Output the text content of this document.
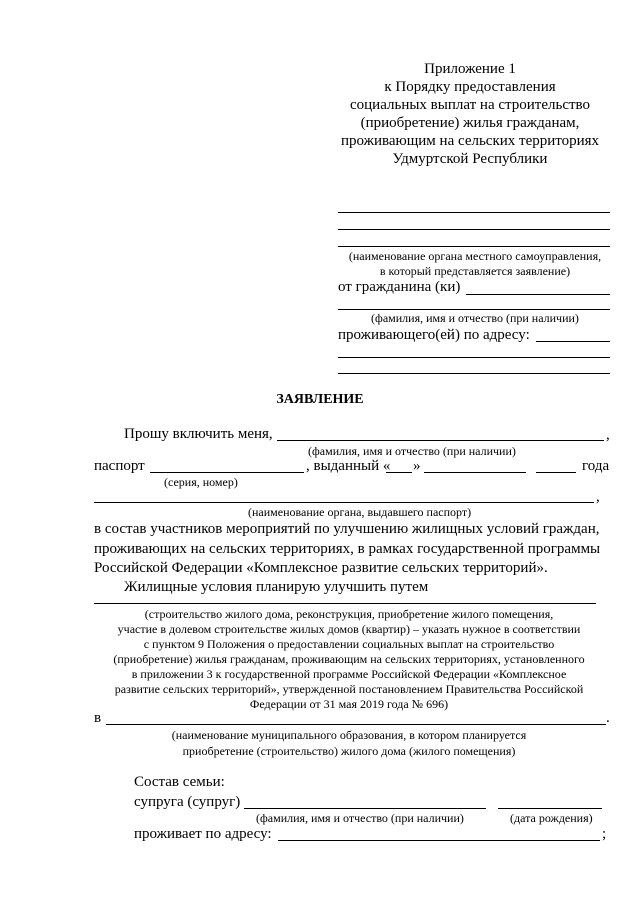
Приложение 1
к Порядку предоставления
социальных выплат на строительство
(приобретение) жилья гражданам,
проживающим на сельских территориях
Удмуртской Республики
(наименование органа местного самоуправления,
в который представляется заявление)
от гражданина (ки)
(фамилия, имя и отчество (при наличии)
проживающего(ей) по адресу:
ЗАЯВЛЕНИЕ
Прошу включить меня,	,
(фамилия, имя и отчество (при наличии)
паспорт	, выданный « »	года
(серия, номер)
,
(наименование органа, выдавшего паспорт)
в состав участников мероприятий по улучшению жилищных условий граждан,
проживающих на сельских территориях, в рамках государственной программы
Российской Федерации «Комплексное развитие сельских территорий».
Жилищные условия планирую улучшить путем
(строительство жилого дома, реконструкция, приобретение жилого помещения,
участие в долевом строительстве жилых домов (квартир) – указать нужное в соответствии
с пунктом 9 Положения о предоставлении социальных выплат на строительство
(приобретение) жилья гражданам, проживающим на сельских территориях, установленного
в приложении 3 к государственной программе Российской Федерации «Комплексное
развитие сельских территорий», утвержденной постановлением Правительства Российской
Федерации от 31 мая 2019 года № 696)
в	.
(наименование муниципального образования, в котором планируется
приобретение (строительство) жилого дома (жилого помещения)
Состав семьи:
супруга (супруг)
(фамилия, имя и отчество (при наличии)	(дата рождения)
проживает по адресу:	;
